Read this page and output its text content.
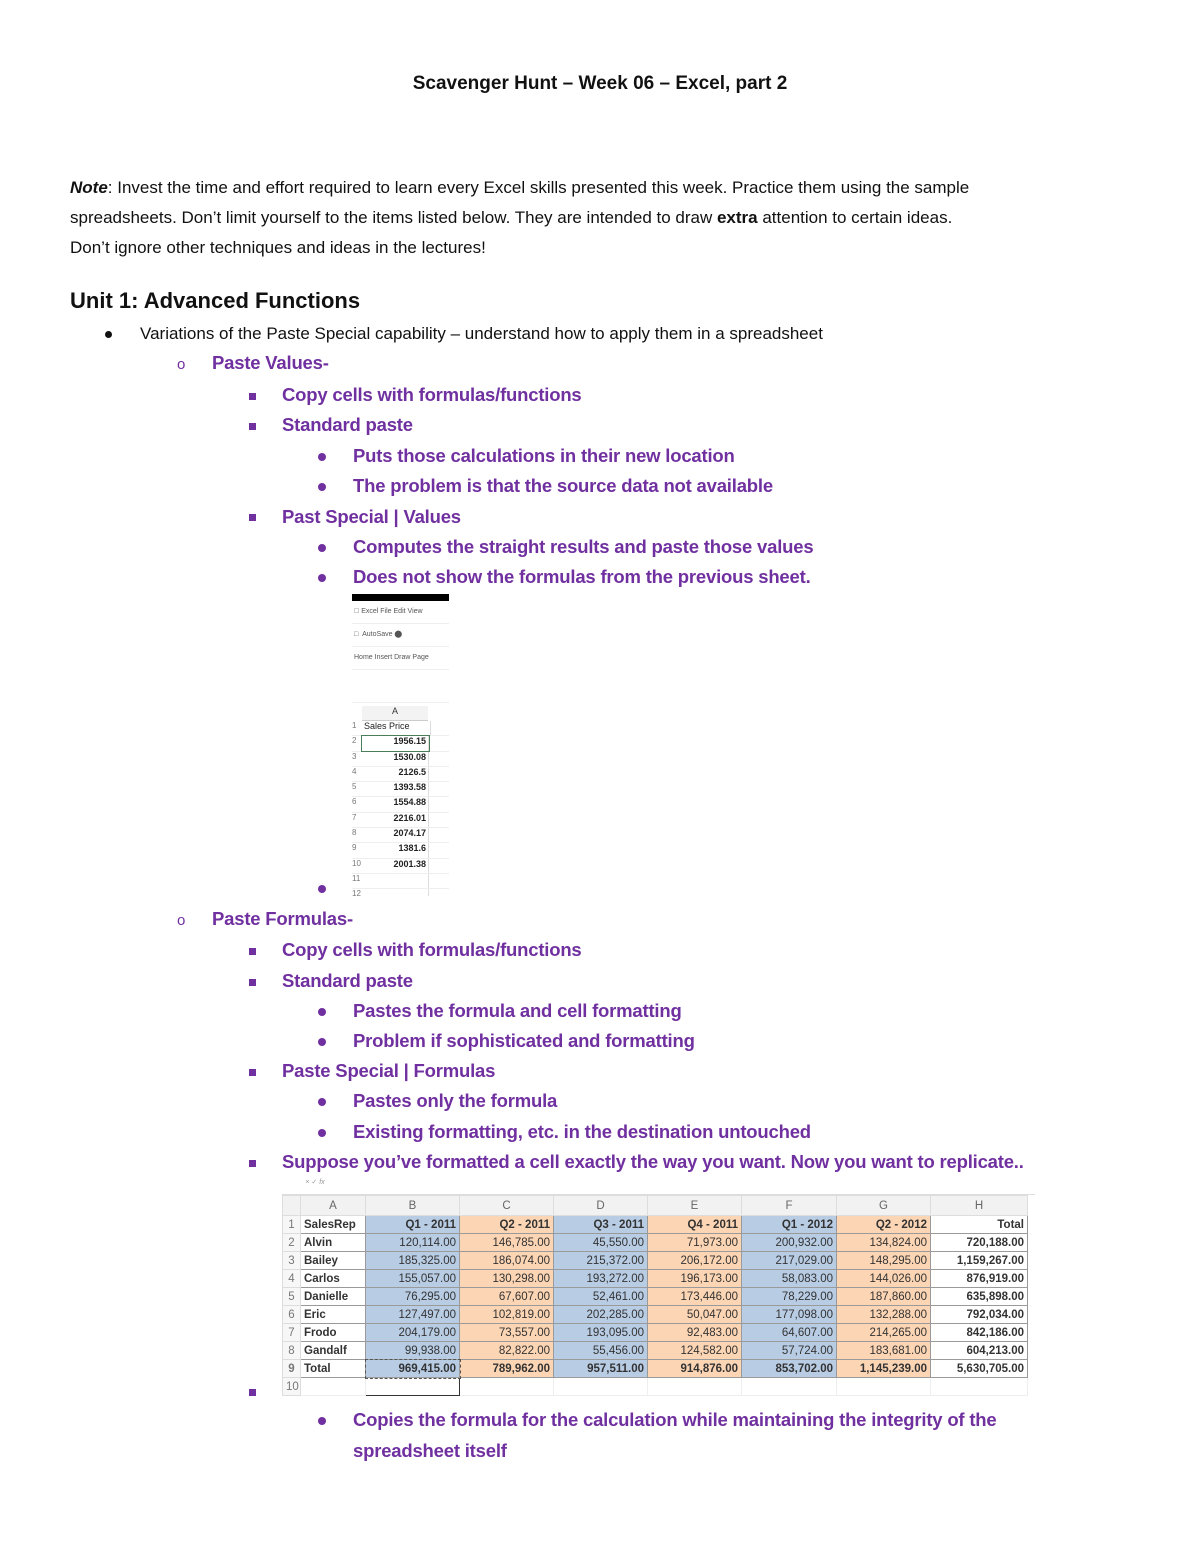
Scavenger Hunt – Week 06 – Excel, part 2
Note: Invest the time and effort required to learn every Excel skills presented this week. Practice them using the sample
spreadsheets. Don’t limit yourself to the items listed below. They are intended to draw extra attention to certain ideas.
Don’t ignore other techniques and ideas in the lectures!
Unit 1: Advanced Functions
Variations of the Paste Special capability – understand how to apply them in a spreadsheet
o Paste Values-
Copy cells with formulas/functions
Standard paste
Puts those calculations in their new location
The problem is that the source data not available
Past Special | Values
Computes the straight results and paste those values
Does not show the formulas from the previous sheet.
Excel File Edit View
□  AutoSave ⬤
Home Insert Draw Page

A
1 Sales Price
2	1956.15
3	1530.08
4	2126.5
5	1393.58
6	1554.88
7	2216.01
8	2074.17
9	1381.6
10	2001.38
11
12
o Paste Formulas-
Copy cells with formulas/functions
Standard paste
Pastes the formula and cell formatting
Problem if sophisticated and formatting
Paste Special | Formulas
Pastes only the formula
Existing formatting, etc. in the destination untouched
Suppose you’ve formatted a cell exactly the way you want. Now you want to replicate..
× ✓ fx
	A	B	C	D	E	F	G	H
1	SalesRep	Q1 - 2011	Q2 - 2011	Q3 - 2011	Q4 - 2011	Q1 - 2012	Q2 - 2012	Total
2	Alvin	120,114.00	146,785.00	45,550.00	71,973.00	200,932.00	134,824.00	720,188.00
3	Bailey	185,325.00	186,074.00	215,372.00	206,172.00	217,029.00	148,295.00	1,159,267.00
4	Carlos	155,057.00	130,298.00	193,272.00	196,173.00	58,083.00	144,026.00	876,919.00
5	Danielle	76,295.00	67,607.00	52,461.00	173,446.00	78,229.00	187,860.00	635,898.00
6	Eric	127,497.00	102,819.00	202,285.00	50,047.00	177,098.00	132,288.00	792,034.00
7	Frodo	204,179.00	73,557.00	193,095.00	92,483.00	64,607.00	214,265.00	842,186.00
8	Gandalf	99,938.00	82,822.00	55,456.00	124,582.00	57,724.00	183,681.00	604,213.00
9	Total	969,415.00	789,962.00	957,511.00	914,876.00	853,702.00	1,145,239.00	5,630,705.00
10								
Copies the formula for the calculation while maintaining the integrity of the
spreadsheet itself
